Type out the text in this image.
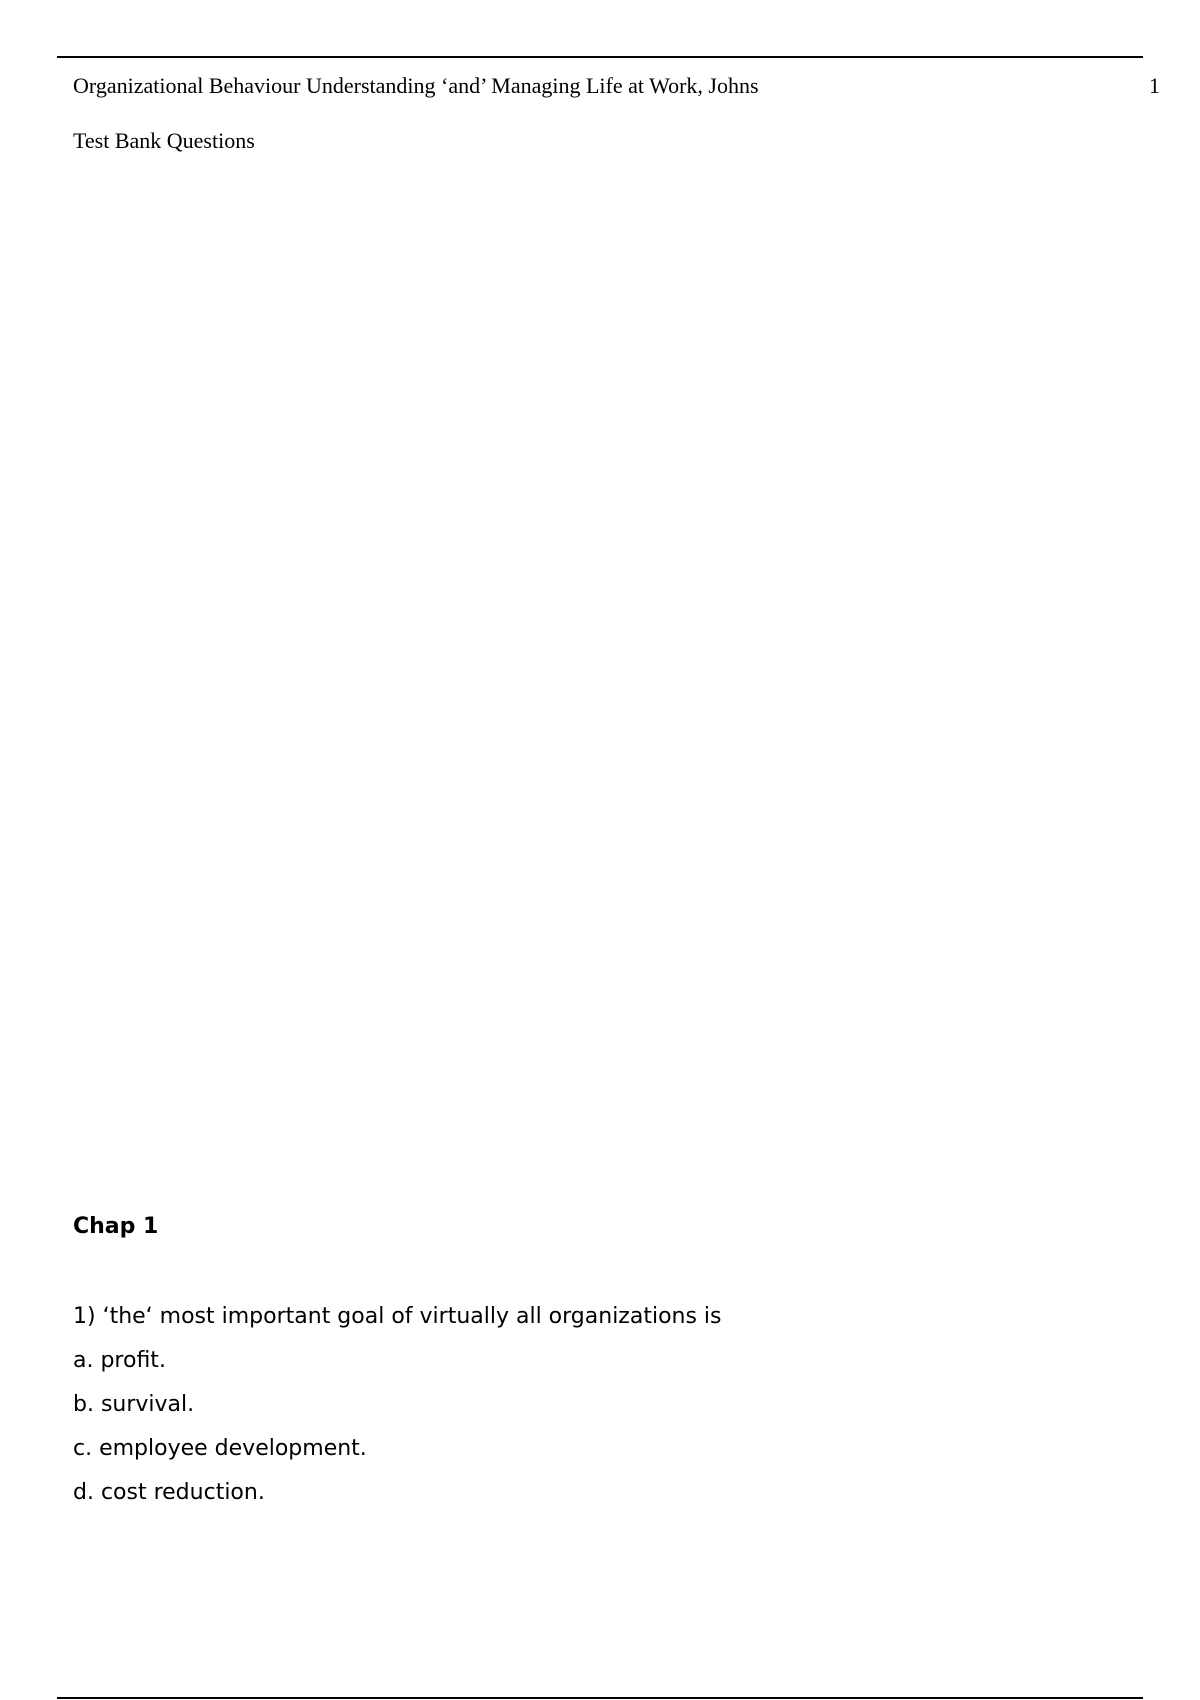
Organizational Behaviour Understanding ‘and’ Managing Life at Work, Johns	1
Test Bank Questions
Chap 1

1) ‘the‘ most important goal of virtually all organizations is

a. profit.

b. survival.

c. employee development.

d. cost reduction.
